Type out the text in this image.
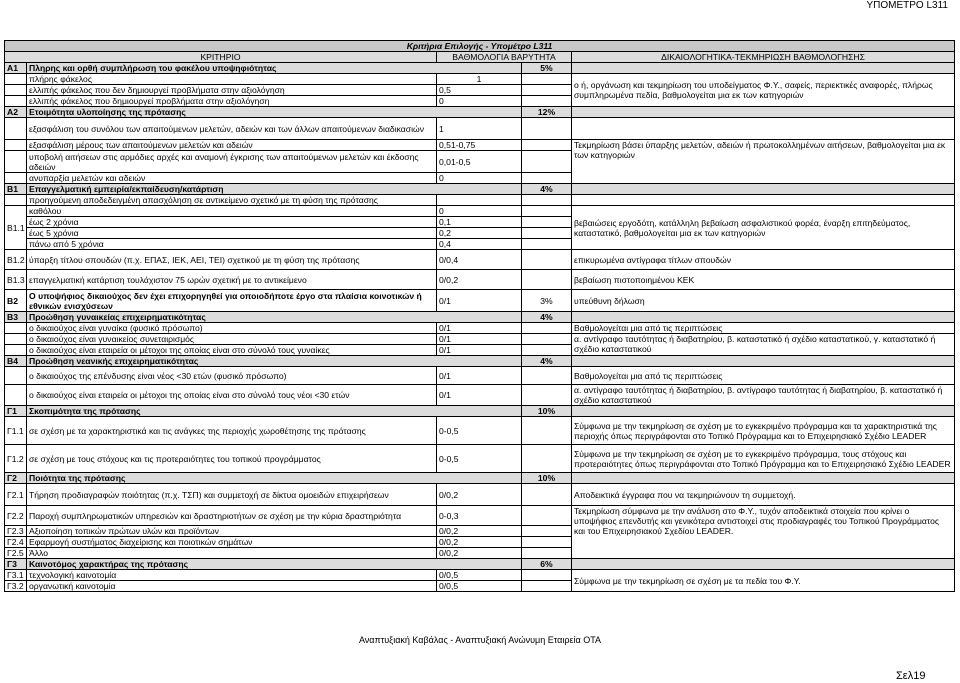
ΥΠΟΜΕΤΡΟ L311
Κριτήρια Επιλογής - Υπομέτρο L311				
ΚΡΙΤΗΡΙΟ		ΒΑΘΜΟΛΟΓΙΑ ΒΑΡΥΤΗΤΑ		ΔΙΚΑΙΟΛΟΓΗΤΙΚΑ-ΤΕΚΜΗΡΙΩΣΗ ΒΑΘΜΟΛΟΓΗΣΗΣ
Α1	Πληρης και ορθή συμπλήρωση του φακέλου υποψηφιότητας		5%	
	πλήρης φάκελος	1		ο ή, οργάνωση και τεκμηρίωση του υποδείγματος Φ.Υ., σαφείς, περιεκτικές αναφορές, πλήρως συμπληρωμένα πεδία, βαθμολογείται μια εκ των κατηγοριών
	ελλιπής φάκελος που δεν δημιουργεί προβλήματα στην αξιολόγηση	0,5		
	ελλιπής φάκελος που δημιουργεί προβλήματα στην αξιολόγηση	0		
Α2	Ετοιμότητα υλοποίησης της πρότασης		12%	
	εξασφάλιση του συνόλου των απαιτούμενων μελετών, αδειών και των άλλων απαιτούμενων διαδικασιών	1		
	εξασφάλιση μέρους των απαιτούμενων μελετών και αδειών	0,51-0,75		Τεκμηρίωση βάσει ύπαρξης μελετών, αδειών ή πρωτοκολλημένων αιτήσεων, βαθμολογείται μια εκ των κατηγοριών
	υποβολή αιτήσεων στις αρμόδιες αρχές και αναμονή έγκρισης των απαιτούμενων μελετών και έκδοσης αδειών	0,01-0,5		
	ανυπαρξία μελετών και αδειών	0		
Β1	Επαγγελματική εμπειρία/εκπαίδευση/κατάρτιση		4%	
	προηγούμενη αποδεδειγμένη απασχόληση σε αντικείμενο σχετικό με τη φύση της πρότασης			
Β1.1	καθόλου	0		βεβαιώσεις εργοδότη, κατάλληλη βεβαίωση ασφαλιστικού φορέα, έναρξη επιτηδεύματος, καταστατικό, βαθμολογείται μια εκ των κατηγοριών
	έως 2 χρόνια	0,1		
	έως 5 χρόνια	0,2		
	πάνω από 5 χρόνια	0,4		
Β1.2	ύπαρξη τίτλου σπουδών (π.χ. ΕΠΑΣ, ΙΕΚ, ΑΕΙ, ΤΕΙ) σχετικού με τη φύση της πρότασης	0/0,4		επικυρωμένα αντίγραφα τίτλων σπουδών
Β1.3	επαγγελματική κατάρτιση τουλάχιστον 75 ωρών σχετική με το αντικείμενο	0/0,2		βεβαίωση πιστοποιημένου ΚΕΚ
Β2	Ο υποψήφιος δικαιούχος δεν έχει επιχορηγηθεί για οποιοδήποτε έργο στα πλαίσια κοινοτικών ή εθνικών ενισχύσεων	0/1	3%	υπεύθυνη δήλωση
Β3	Προώθηση γυναικείας επιχειρηματικότητας		4%	
	ο δικαιούχος είναι γυναίκα (φυσικό πρόσωπο)	0/1		Βαθμολογείται μια από τις περιπτώσεις
	ο δικαιούχος είναι γυναικείος συνεταιρισμός	0/1		α. αντίγραφο ταυτότητας ή διαβατηρίου, β. καταστατικό ή σχέδιο καταστατικού, γ. καταστατικό ή σχέδιο καταστατικού
	ο δικαιούχος είναι εταιρεία οι μέτοχοι της οποίας είναι στο σύνολό τους γυναίκες	0/1		
Β4	Προώθηση νεανικής επιχειρηματικότητας		4%	
	ο δικαιούχος της επένδυσης είναι νέος <30 ετών (φυσικό πρόσωπο)	0/1		Βαθμολογείται μια από τις περιπτώσεις
	ο δικαιούχος είναι εταιρεία οι μέτοχοι της οποίας είναι στο σύνολό τους νέοι <30 ετών	0/1		α. αντίγραφο ταυτότητας ή διαβατηρίου, β. αντίγραφο ταυτότητας ή διαβατηρίου, β. καταστατικό ή σχέδιο καταστατικού
Γ1	Σκοπιμότητα της πρότασης		10%	
Γ1.1	σε σχέση με τα χαρακτηριστικά και τις ανάγκες της περιοχής χωροθέτησης της πρότασης	0-0,5		Σύμφωνα με την τεκμηρίωση σε σχέση με το εγκεκριμένο πρόγραμμα και τα χαρακτηριστικά της περιοχής όπως περιγράφονται στο Τοπικό Πρόγραμμα και το Επιχειρησιακό Σχέδιο LEADER
Γ1.2	σε σχέση με τους στόχους και τις προτεραιότητες του τοπικού προγράμματος	0-0,5		Σύμφωνα με την τεκμηρίωση σε σχέση με το εγκεκριμένο πρόγραμμα, τους στόχους και προτεραιότητες όπως περιγράφονται στο Τοπικό Πρόγραμμα και το Επιχειρησιακό Σχέδιο LEADER
Γ2	Ποιότητα της πρότασης		10%	
Γ2.1	Τήρηση προδιαγραφών ποιότητας (π.χ. ΤΣΠ) και συμμετοχή σε δίκτυα ομοειδών επιχειρήσεων	0/0,2		Αποδεικτικά έγγραφα που να τεκμηριώνουν τη συμμετοχή.
Γ2.2	Παροχή συμπληρωματικών υπηρεσιών και δραστηριοτήτων σε σχέση με την κύρια δραστηριότητα	0-0,3		Τεκμηρίωση σύμφωνα με την ανάλυση στο Φ.Υ., τυχόν αποδεικτικά στοιχεία που κρίνει ο υποψήφιος επενδυτής και γενικότερα αντιστοιχεί στις προδιαγραφές του Τοπικού Προγράμματος και του Επιχειρησιακού Σχεδίου LEADER.
Γ2.3	Αξιοποίηση τοπικών πρώτων υλών και προϊόντων	0/0,2		
Γ2.4	Εφαρμογή συστήματος διαχείρισης και ποιοτικών σημάτων	0/0,2		
Γ2.5	Άλλο	0/0,2		
Γ3	Καινοτόμος χαρακτήρας της πρότασης		6%	
Γ3.1	τεχνολογική καινοτομία	0/0,5		Σύμφωνα με την τεκμηρίωση σε σχέση με τα πεδία του Φ.Υ.
Γ3.2	οργανωτική καινοτομία	0/0,5		
Αναπτυξιακή Καβάλας - Αναπτυξιακή Ανώνυμη Εταιρεία ΟΤΑ
Σελ19
